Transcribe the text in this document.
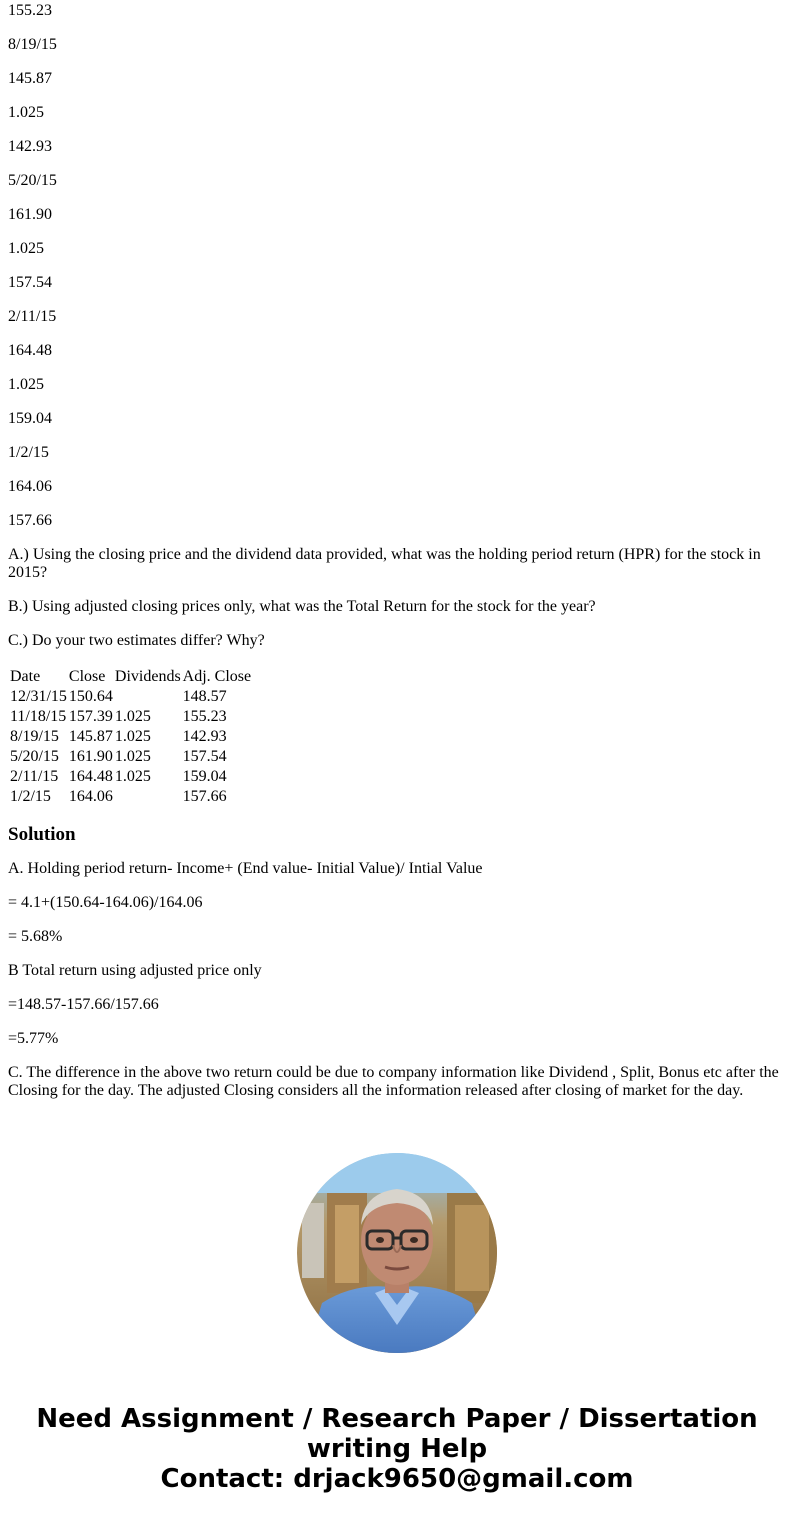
155.23

8/19/15

145.87

1.025

142.93

5/20/15

161.90

1.025

157.54

2/11/15

164.48

1.025

159.04

1/2/15

164.06

157.66

A.) Using the closing price and the dividend data provided, what was the holding period return (HPR) for the stock in 2015?

B.) Using adjusted closing prices only, what was the Total Return for the stock for the year?

C.) Do your two estimates differ? Why?

Date	Close	Dividends	Adj. Close
12/31/15	150.64		148.57
11/18/15	157.39	1.025	155.23
8/19/15	145.87	1.025	142.93
5/20/15	161.90	1.025	157.54
2/11/15	164.48	1.025	159.04
1/2/15	164.06		157.66
Solution

A. Holding period return- Income+ (End value- Initial Value)/ Intial Value

= 4.1+(150.64-164.06)/164.06

= 5.68%

B Total return using adjusted price only

=148.57-157.66/157.66

=5.77%

C. The difference in the above two return could be due to company information like Dividend , Split, Bonus etc after the Closing for the day. The adjusted Closing considers all the information released after closing of market for the day.

Need Assignment / Research Paper / Dissertation
writing Help
Contact: drjack9650@gmail.com
